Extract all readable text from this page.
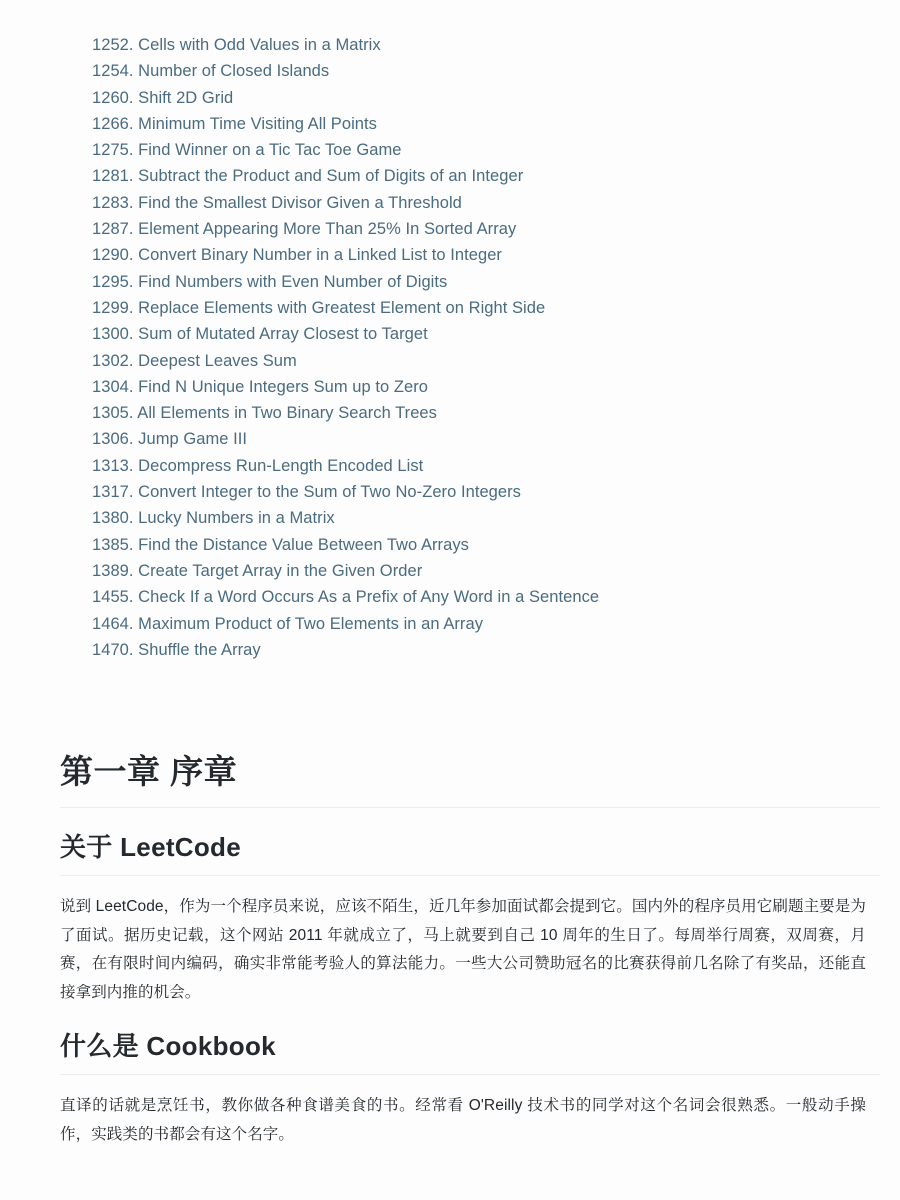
1252. Cells with Odd Values in a Matrix
1254. Number of Closed Islands
1260. Shift 2D Grid
1266. Minimum Time Visiting All Points
1275. Find Winner on a Tic Tac Toe Game
1281. Subtract the Product and Sum of Digits of an Integer
1283. Find the Smallest Divisor Given a Threshold
1287. Element Appearing More Than 25% In Sorted Array
1290. Convert Binary Number in a Linked List to Integer
1295. Find Numbers with Even Number of Digits
1299. Replace Elements with Greatest Element on Right Side
1300. Sum of Mutated Array Closest to Target
1302. Deepest Leaves Sum
1304. Find N Unique Integers Sum up to Zero
1305. All Elements in Two Binary Search Trees
1306. Jump Game III
1313. Decompress Run-Length Encoded List
1317. Convert Integer to the Sum of Two No-Zero Integers
1380. Lucky Numbers in a Matrix
1385. Find the Distance Value Between Two Arrays
1389. Create Target Array in the Given Order
1455. Check If a Word Occurs As a Prefix of Any Word in a Sentence
1464. Maximum Product of Two Elements in an Array
1470. Shuffle the Array
第一章 序章
关于 LeetCode

说到 LeetCode，作为一个程序员来说，应该不陌生，近几年参加面试都会提到它。国内外的程序员用它刷题主要是为了面试。据历史记载，这个网站 2011 年就成立了，马上就要到自己 10 周年的生日了。每周举行周赛，双周赛，月赛，在有限时间内编码，确实非常能考验人的算法能力。一些大公司赞助冠名的比赛获得前几名除了有奖品，还能直接拿到内推的机会。

什么是 Cookbook

直译的话就是烹饪书，教你做各种食谱美食的书。经常看 O'Reilly 技术书的同学对这个名词会很熟悉。一般动手操作，实践类的书都会有这个名字。
